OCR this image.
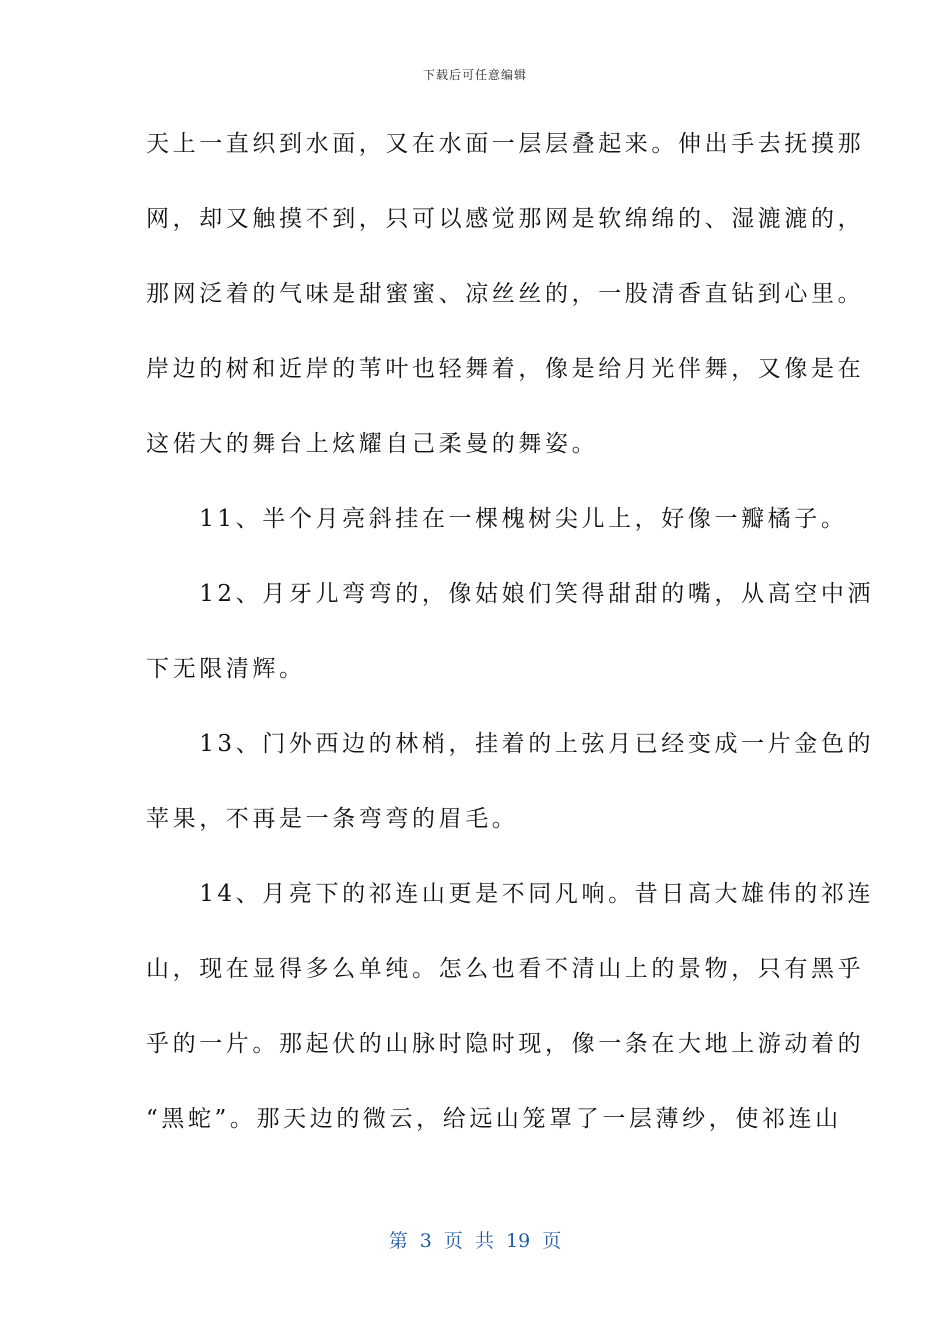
下载后可任意编辑
天上一直织到水面，又在水面一层层叠起来。伸出手去抚摸那
网，却又触摸不到，只可以感觉那网是软绵绵的、湿漉漉的，
那网泛着的气味是甜蜜蜜、凉丝丝的，一股清香直钻到心里。
岸边的树和近岸的苇叶也轻舞着，像是给月光伴舞，又像是在
这偌大的舞台上炫耀自己柔曼的舞姿。
　　11、半个月亮斜挂在一棵槐树尖儿上，好像一瓣橘子。
　　12、月牙儿弯弯的，像姑娘们笑得甜甜的嘴，从高空中洒
下无限清辉。
　　13、门外西边的林梢，挂着的上弦月已经变成一片金色的
苹果，不再是一条弯弯的眉毛。
　　14、月亮下的祁连山更是不同凡响。昔日高大雄伟的祁连
山，现在显得多么单纯。怎么也看不清山上的景物，只有黑乎
乎的一片。那起伏的山脉时隐时现，像一条在大地上游动着的
“黑蛇”。那天边的微云，给远山笼罩了一层薄纱，使祁连山
第 3 页 共 19 页
